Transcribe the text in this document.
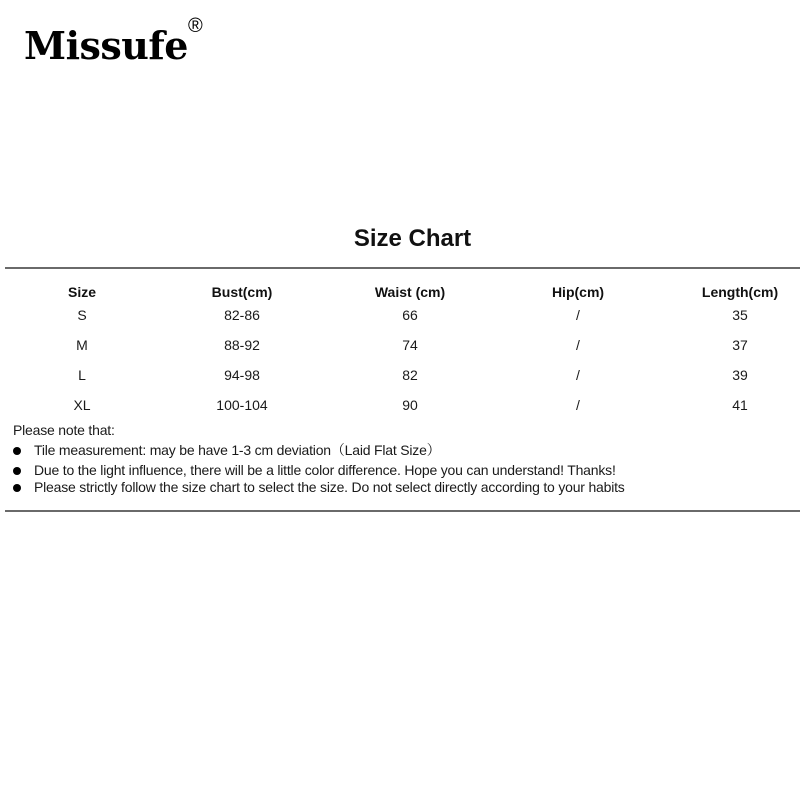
Missufe ®
Size Chart
Size	Bust(cm)	Waist (cm)	Hip(cm)	Length(cm)
S	82-86	66	/	35
M	88-92	74	/	37
L	94-98	82	/	39
XL	100-104	90	/	41
Please note that:
Tile measurement: may be have 1-3 cm deviation（Laid Flat Size）
Due to the light influence, there will be a little color difference. Hope you can understand! Thanks!
Please strictly follow the size chart to select the size. Do not select directly according to your habits
